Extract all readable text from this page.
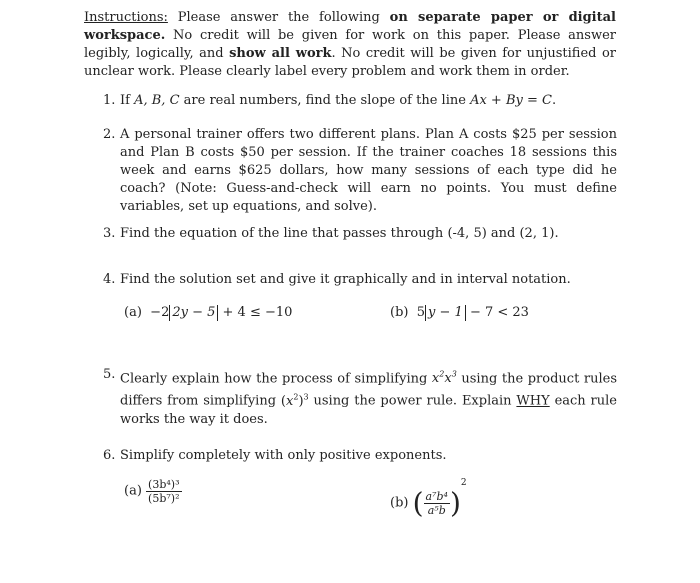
Instructions: Please answer the following on separate paper or digital workspace. No credit will be given for work on this paper. Please answer legibly, logically, and show all work. No credit will be given for unjustified or unclear work. Please clearly label every problem and work them in order.
1. If A, B, C are real numbers, find the slope of the line Ax + By = C.
2. A personal trainer offers two different plans. Plan A costs $25 per session and Plan B costs $50 per session. If the trainer coaches 18 sessions this week and earns $625 dollars, how many sessions of each type did he coach? (Note: Guess-and-check will earn no points. You must define variables, set up equations, and solve).
3. Find the equation of the line that passes through (-4, 5) and (2, 1).
4. Find the solution set and give it graphically and in interval notation.
(a) −2 2y − 5 + 4 ≤ −10	(b) 5 y − 1 − 7 < 23
5. Clearly explain how the process of simplifying $x^2x^3$ using the product rules differs from simplifying $(x^2)^3$ using the power rule. Explain WHY each rule works the way it does.
6. Simplify completely with only positive exponents.
$(a) \frac{\text{(3b⁴)³}}{\text{(5b⁷)²}}$	(b) ( $\frac{\text{a⁷b⁴}}{\text{a⁵b}} )^2$
